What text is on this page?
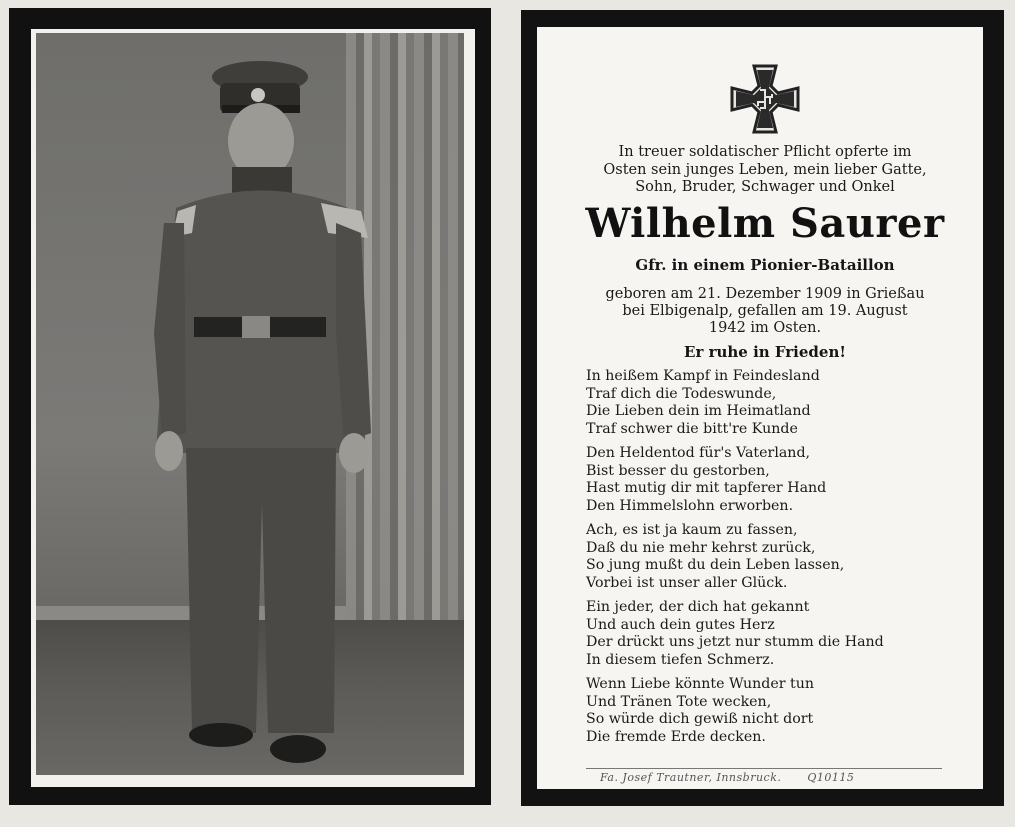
In treuer soldatischer Pflicht opferte im
Osten sein junges Leben, mein lieber Gatte,
Sohn, Bruder, Schwager und Onkel
Wilhelm Saurer
Gfr. in einem Pionier-Bataillon
geboren am 21. Dezember 1909 in Grießau
bei Elbigenalp, gefallen am 19. August
1942 im Osten.
Er ruhe in Frieden!
In heißem Kampf in Feindesland
Traf dich die Todeswunde,
Die Lieben dein im Heimatland
Traf schwer die bitt're Kunde
Den Heldentod für's Vaterland,
Bist besser du gestorben,
Hast mutig dir mit tapferer Hand
Den Himmelslohn erworben.
Ach, es ist ja kaum zu fassen,
Daß du nie mehr kehrst zurück,
So jung mußt du dein Leben lassen,
Vorbei ist unser aller Glück.
Ein jeder, der dich hat gekannt
Und auch dein gutes Herz
Der drückt uns jetzt nur stumm die Hand
In diesem tiefen Schmerz.
Wenn Liebe könnte Wunder tun
Und Tränen Tote wecken,
So würde dich gewiß nicht dort
Die fremde Erde decken.
Fa. Josef Trautner, Innsbruck. Q10115
